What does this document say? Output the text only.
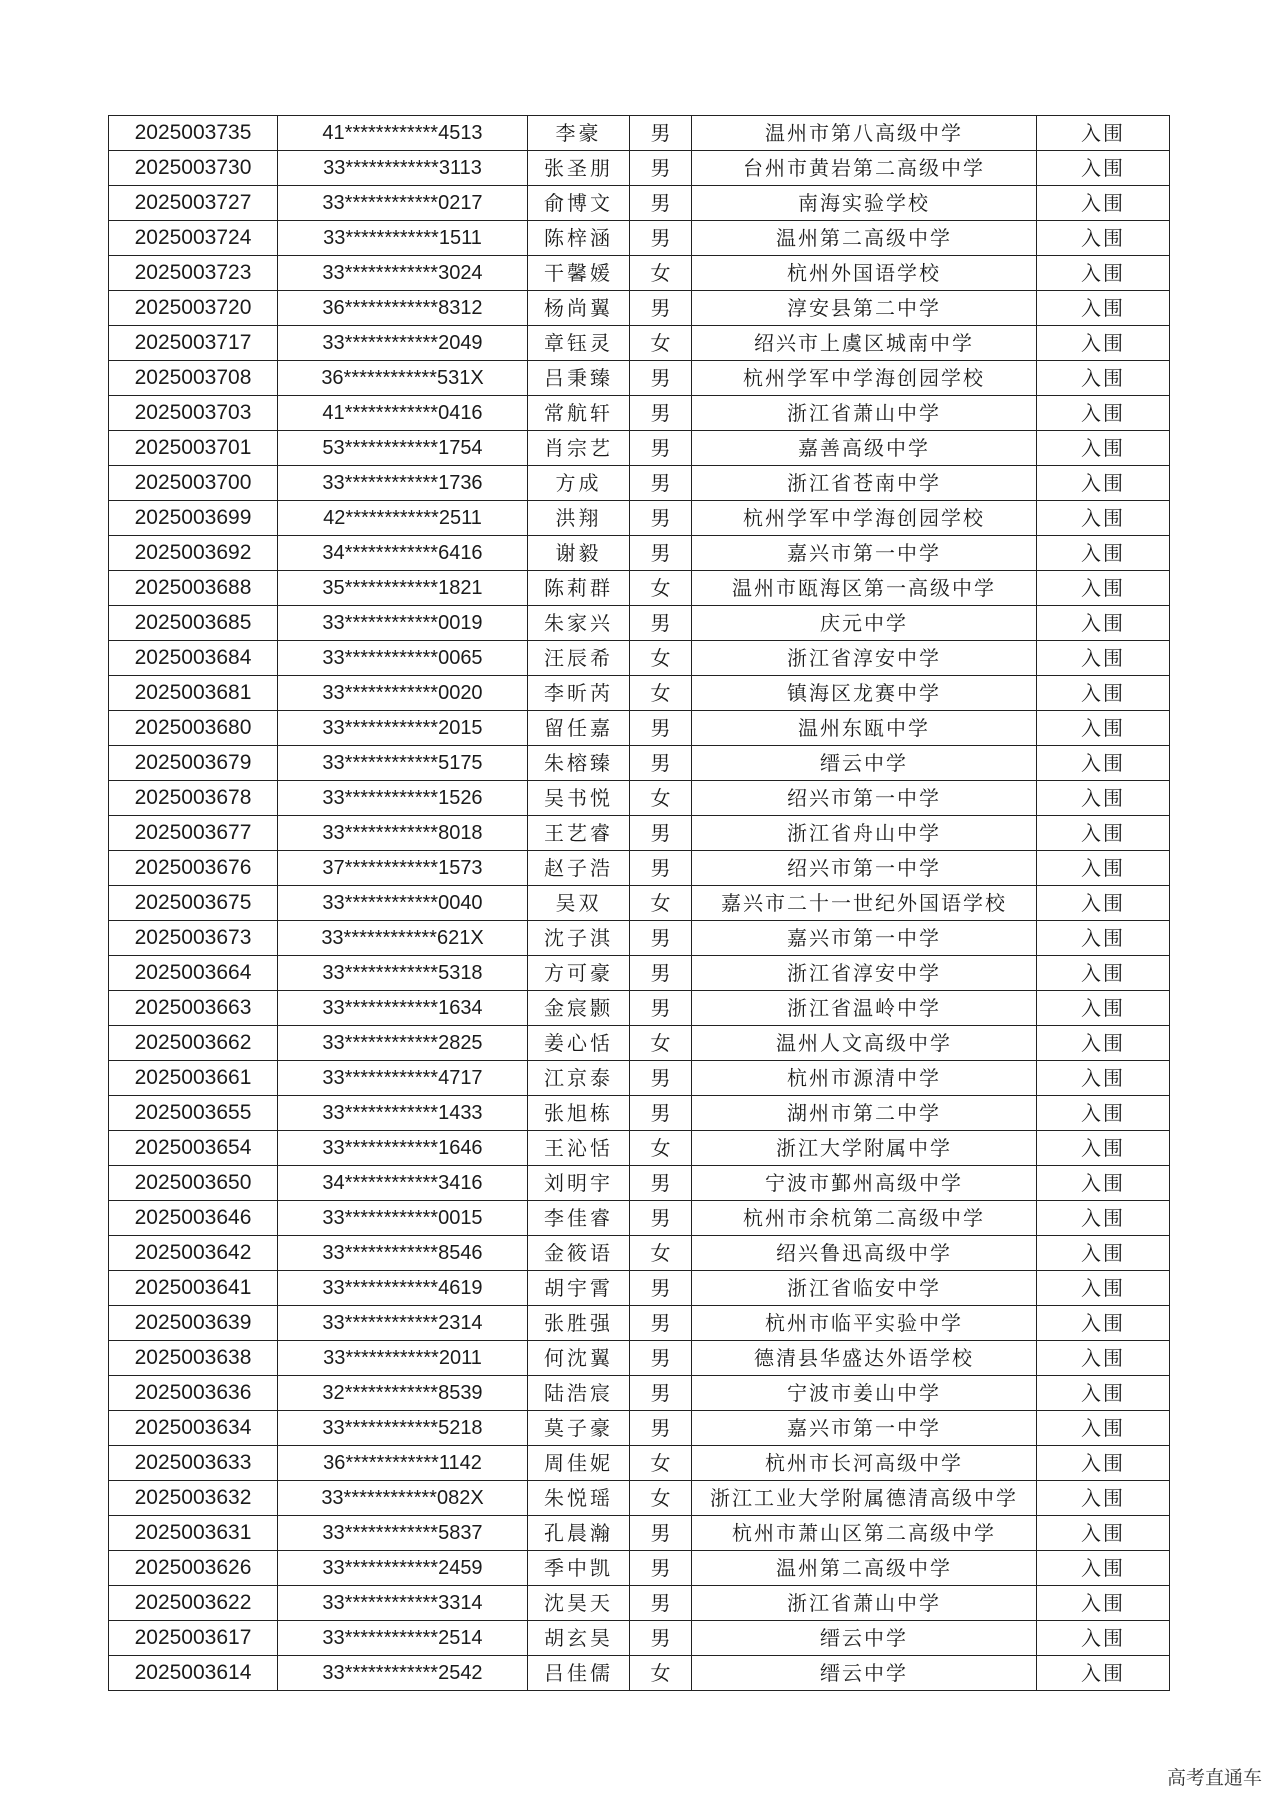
2025003735	41************4513	李豪	男	温州市第八高级中学	入围
2025003730	33************3113	张圣朋	男	台州市黄岩第二高级中学	入围
2025003727	33************0217	俞博文	男	南海实验学校	入围
2025003724	33************1511	陈梓涵	男	温州第二高级中学	入围
2025003723	33************3024	干馨媛	女	杭州外国语学校	入围
2025003720	36************8312	杨尚翼	男	淳安县第二中学	入围
2025003717	33************2049	章钰灵	女	绍兴市上虞区城南中学	入围
2025003708	36************531X	吕秉臻	男	杭州学军中学海创园学校	入围
2025003703	41************0416	常航轩	男	浙江省萧山中学	入围
2025003701	53************1754	肖宗艺	男	嘉善高级中学	入围
2025003700	33************1736	方成	男	浙江省苍南中学	入围
2025003699	42************2511	洪翔	男	杭州学军中学海创园学校	入围
2025003692	34************6416	谢毅	男	嘉兴市第一中学	入围
2025003688	35************1821	陈莉群	女	温州市瓯海区第一高级中学	入围
2025003685	33************0019	朱家兴	男	庆元中学	入围
2025003684	33************0065	汪辰希	女	浙江省淳安中学	入围
2025003681	33************0020	李昕芮	女	镇海区龙赛中学	入围
2025003680	33************2015	留任嘉	男	温州东瓯中学	入围
2025003679	33************5175	朱榕臻	男	缙云中学	入围
2025003678	33************1526	吴书悦	女	绍兴市第一中学	入围
2025003677	33************8018	王艺睿	男	浙江省舟山中学	入围
2025003676	37************1573	赵子浩	男	绍兴市第一中学	入围
2025003675	33************0040	吴双	女	嘉兴市二十一世纪外国语学校	入围
2025003673	33************621X	沈子淇	男	嘉兴市第一中学	入围
2025003664	33************5318	方可豪	男	浙江省淳安中学	入围
2025003663	33************1634	金宸颢	男	浙江省温岭中学	入围
2025003662	33************2825	姜心恬	女	温州人文高级中学	入围
2025003661	33************4717	江京泰	男	杭州市源清中学	入围
2025003655	33************1433	张旭栋	男	湖州市第二中学	入围
2025003654	33************1646	王沁恬	女	浙江大学附属中学	入围
2025003650	34************3416	刘明宇	男	宁波市鄞州高级中学	入围
2025003646	33************0015	李佳睿	男	杭州市余杭第二高级中学	入围
2025003642	33************8546	金筱语	女	绍兴鲁迅高级中学	入围
2025003641	33************4619	胡宇霄	男	浙江省临安中学	入围
2025003639	33************2314	张胜强	男	杭州市临平实验中学	入围
2025003638	33************2011	何沈翼	男	德清县华盛达外语学校	入围
2025003636	32************8539	陆浩宸	男	宁波市姜山中学	入围
2025003634	33************5218	莫子豪	男	嘉兴市第一中学	入围
2025003633	36************1142	周佳妮	女	杭州市长河高级中学	入围
2025003632	33************082X	朱悦瑶	女	浙江工业大学附属德清高级中学	入围
2025003631	33************5837	孔晨瀚	男	杭州市萧山区第二高级中学	入围
2025003626	33************2459	季中凯	男	温州第二高级中学	入围
2025003622	33************3314	沈昊天	男	浙江省萧山中学	入围
2025003617	33************2514	胡玄昊	男	缙云中学	入围
2025003614	33************2542	吕佳儒	女	缙云中学	入围
高考直通车
